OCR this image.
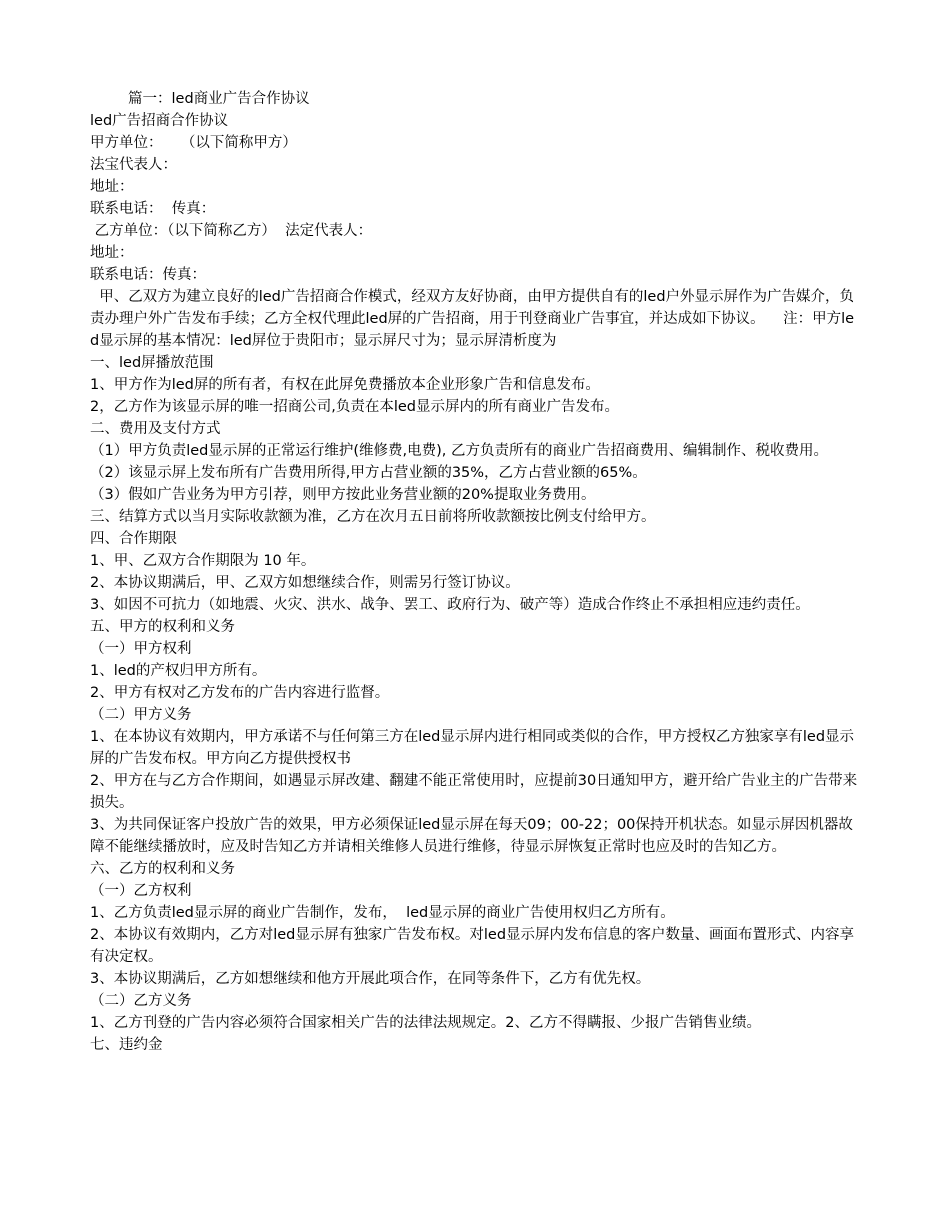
篇一：led商业广告合作协议
led广告招商合作协议
甲方单位：    （以下简称甲方）
法宝代表人：
地址：
联系电话：  传真：
乙方单位：（以下简称乙方）  法定代表人：
地址：
联系电话：传真：
甲、乙双方为建立良好的led广告招商合作模式，经双方友好协商，由甲方提供自有的led户外显示屏作为广告媒介，负责办理户外广告发布手续；乙方全权代理此led屏的广告招商，用于刊登商业广告事宜，并达成如下协议。    注：甲方led显示屏的基本情况：led屏位于贵阳市；显示屏尺寸为；显示屏清析度为
一、led屏播放范围
1、甲方作为led屏的所有者，有权在此屏免费播放本企业形象广告和信息发布。
2，乙方作为该显示屏的唯一招商公司,负责在本led显示屏内的所有商业广告发布。
二、费用及支付方式
（1）甲方负责led显示屏的正常运行维护(维修费,电费), 乙方负责所有的商业广告招商费用、编辑制作、税收费用。
（2）该显示屏上发布所有广告费用所得,甲方占营业额的35%，乙方占营业额的65%。
（3）假如广告业务为甲方引荐，则甲方按此业务营业额的20%提取业务费用。
三、结算方式以当月实际收款额为准，乙方在次月五日前将所收款额按比例支付给甲方。
四、合作期限
1、甲、乙双方合作期限为 10 年。
2、本协议期满后，甲、乙双方如想继续合作，则需另行签订协议。
3、如因不可抗力（如地震、火灾、洪水、战争、罢工、政府行为、破产等）造成合作终止不承担相应违约责任。
五、甲方的权利和义务
（一）甲方权利
1、led的产权归甲方所有。
2、甲方有权对乙方发布的广告内容进行监督。
（二）甲方义务
1、在本协议有效期内，甲方承诺不与任何第三方在led显示屏内进行相同或类似的合作，甲方授权乙方独家享有led显示屏的广告发布权。甲方向乙方提供授权书
2、甲方在与乙方合作期间，如遇显示屏改建、翻建不能正常使用时，应提前30日通知甲方，避开给广告业主的广告带来损失。
3、为共同保证客户投放广告的效果，甲方必须保证led显示屏在每天09；00-22；00保持开机状态。如显示屏因机器故障不能继续播放时，应及时告知乙方并请相关维修人员进行维修，待显示屏恢复正常时也应及时的告知乙方。
六、乙方的权利和义务
（一）乙方权利
1、乙方负责led显示屏的商业广告制作，发布，  led显示屏的商业广告使用权归乙方所有。
2、本协议有效期内，乙方对led显示屏有独家广告发布权。对led显示屏内发布信息的客户数量、画面布置形式、内容享有决定权。
3、本协议期满后，乙方如想继续和他方开展此项合作，在同等条件下，乙方有优先权。
（二）乙方义务
1、乙方刊登的广告内容必须符合国家相关广告的法律法规规定。2、乙方不得瞒报、少报广告销售业绩。
七、违约金
